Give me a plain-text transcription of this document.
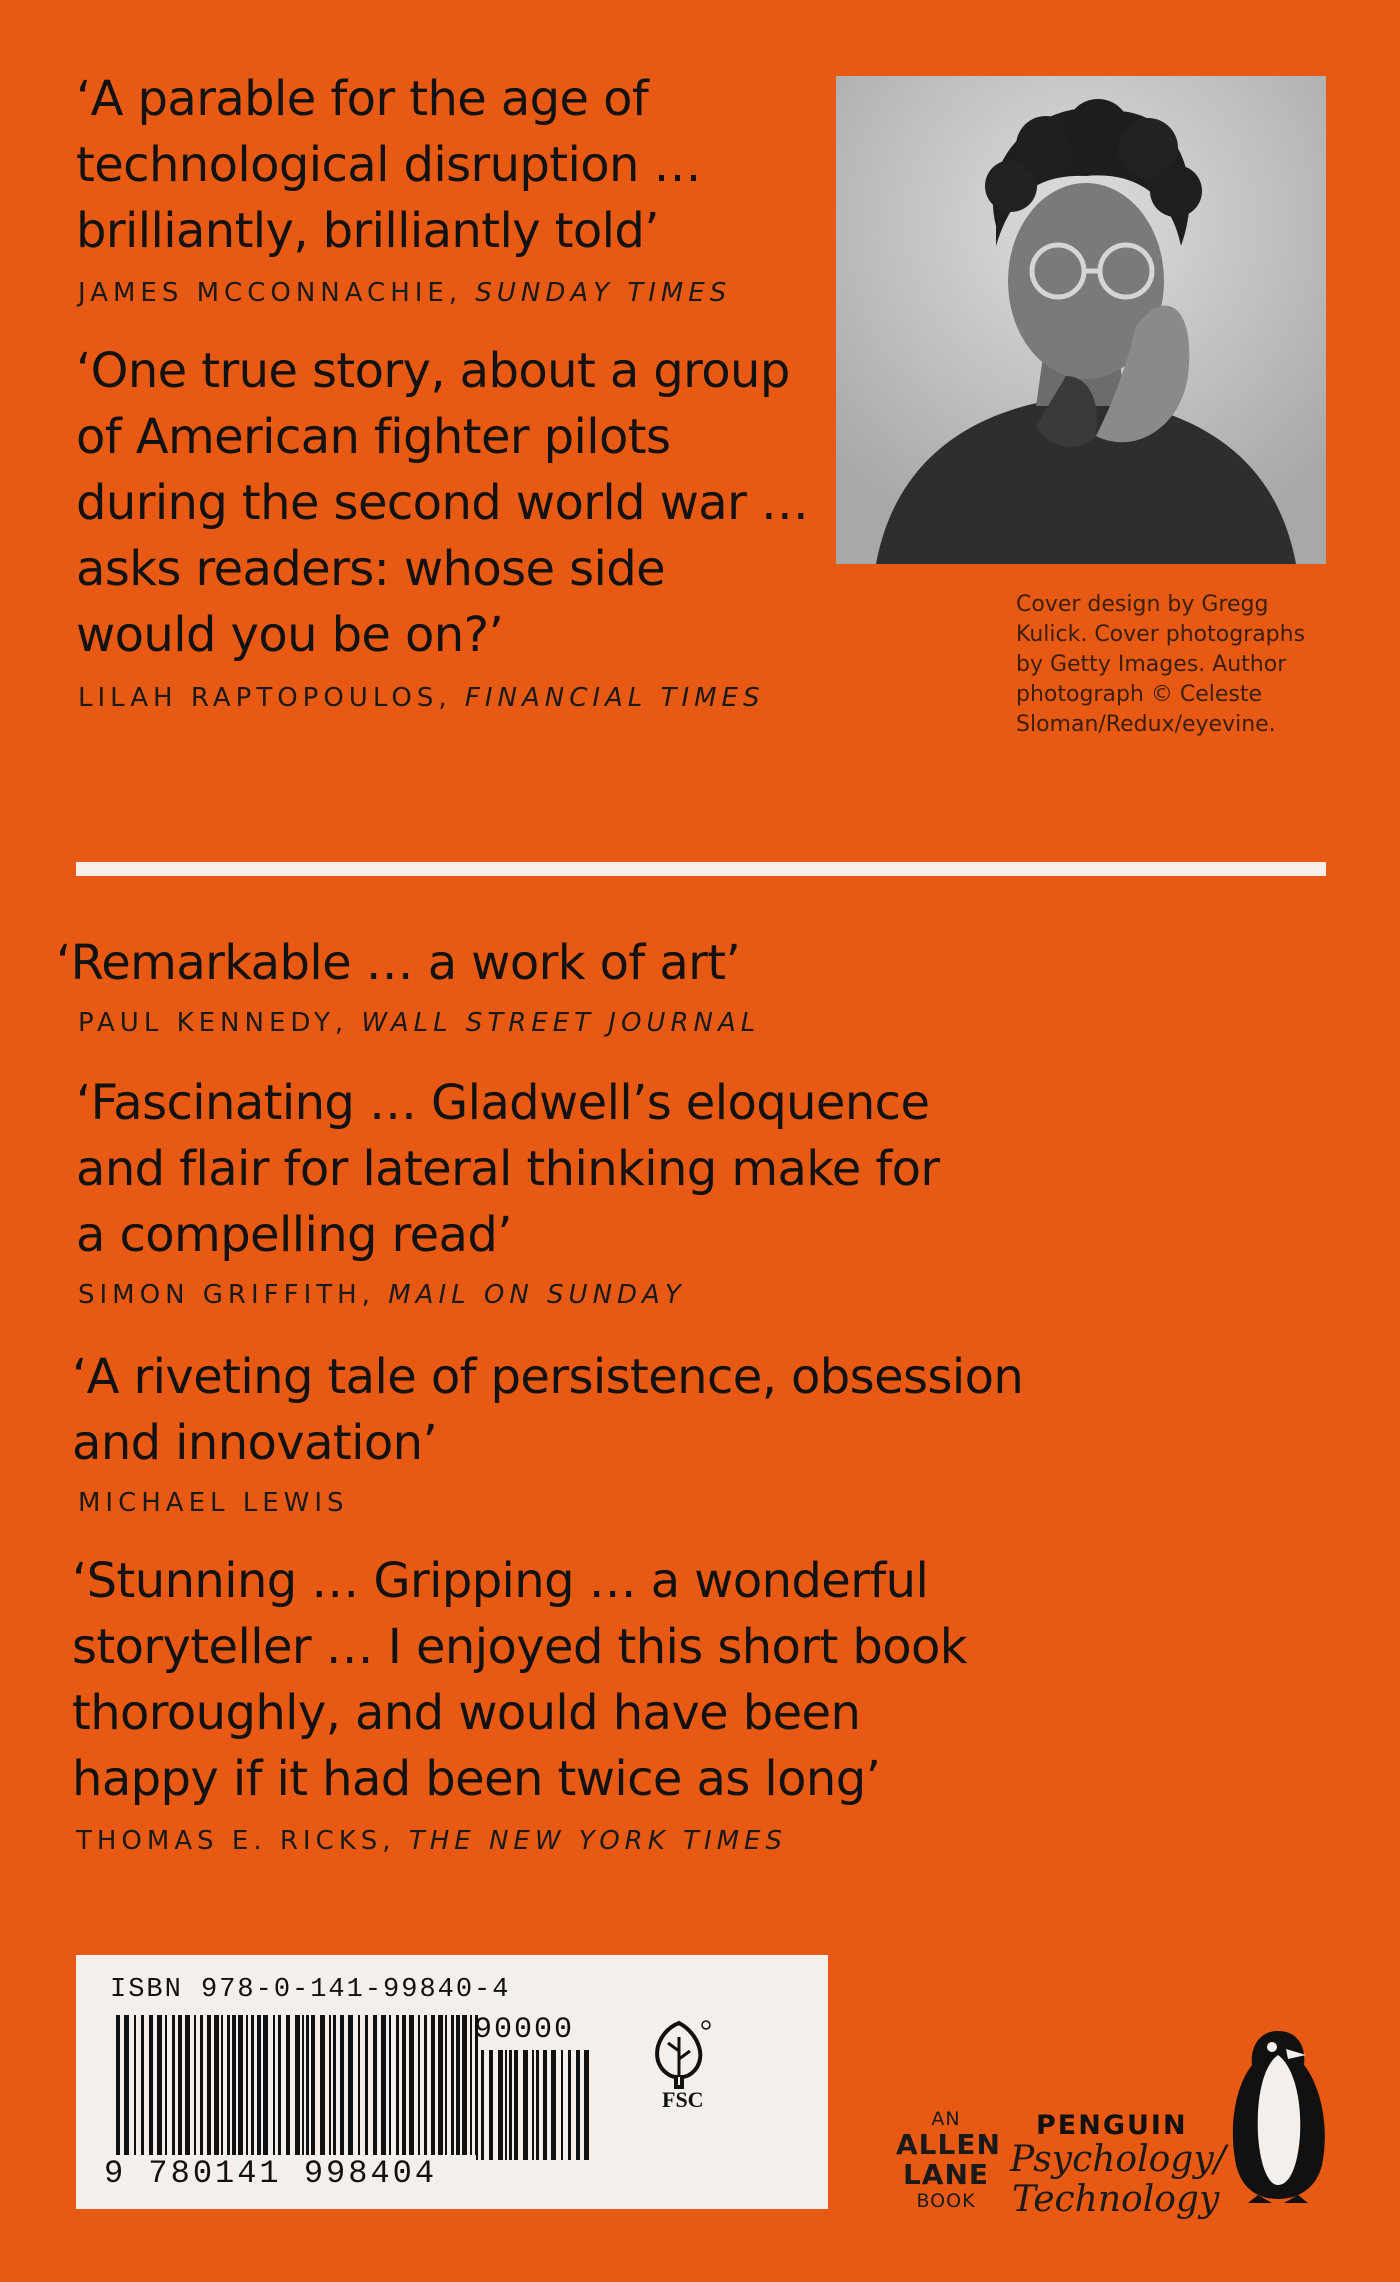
‘A parable for the age of
technological disruption …
brilliantly, brilliantly told’

JAMES MCCONNACHIE, SUNDAY TIMES

‘One true story, about a group
of American fighter pilots
during the second world war …
asks readers: whose side
would you be on?’

LILAH RAPTOPOULOS, FINANCIAL TIMES
Cover design by Gregg Kulick. Cover photographs by Getty Images. Author photograph © Celeste Sloman/Redux/eyevine.

‘Remarkable … a work of art’

PAUL KENNEDY, WALL STREET JOURNAL

‘Fascinating … Gladwell’s eloquence
and flair for lateral thinking make for
a compelling read’

SIMON GRIFFITH, MAIL ON SUNDAY

‘A riveting tale of persistence, obsession
and innovation’

MICHAEL LEWIS

‘Stunning … Gripping … a wonderful
storyteller … I enjoyed this short book
thoroughly, and would have been
happy if it had been twice as long’

THOMAS E. RICKS, THE NEW YORK TIMES
ISBN 978-0-141-99840-4
9 780141 998404
90000
FSC
AN
ALLEN
LANE
BOOK
PENGUIN
Psychology/
Technology
